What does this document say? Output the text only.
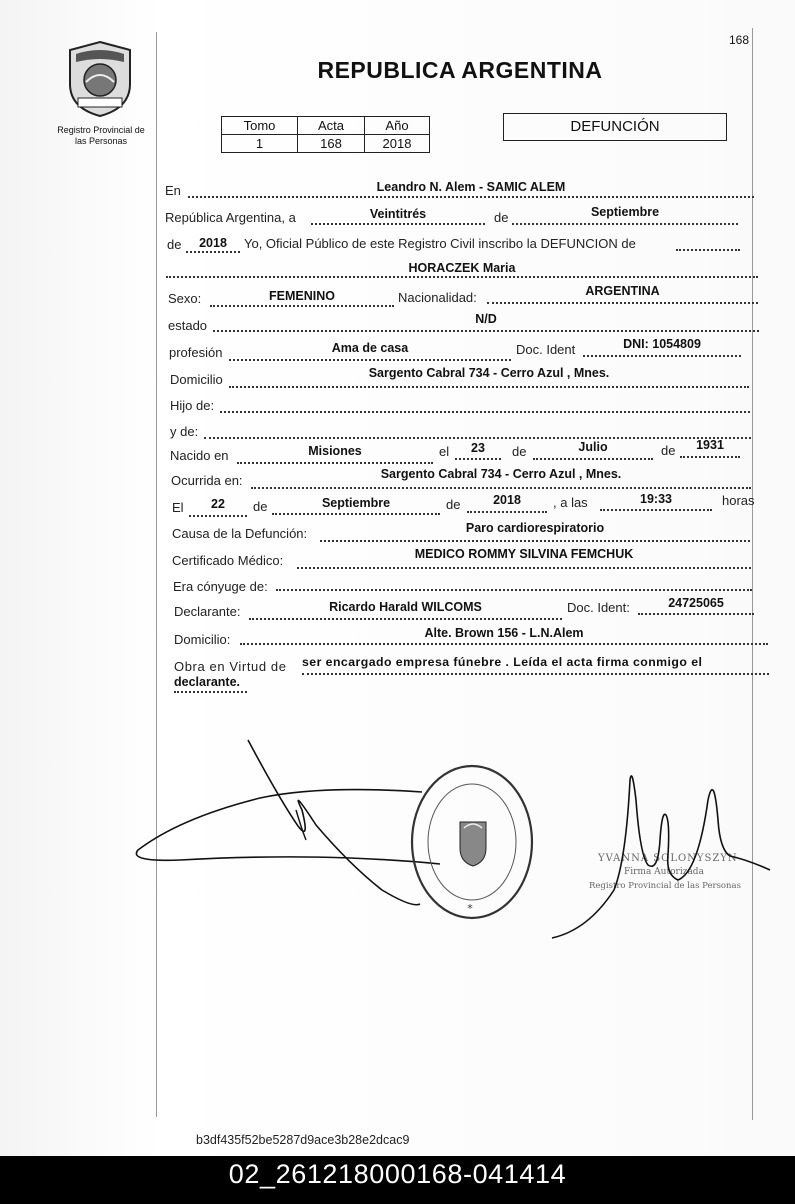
168
Registro Provincial de
las Personas
REPUBLICA ARGENTINA
Tomo	Acta	Año
1	168	2018
DEFUNCIÓN
En	Leandro N. Alem - SAMIC ALEM
República Argentina, a	Veintitrés	de	Septiembre
de	2018	Yo, Oficial Público de este Registro Civil inscribo la DEFUNCION de
HORACZEK Maria
Sexo:	FEMENINO	Nacionalidad:	ARGENTINA
estado	N/D
profesión	Ama de casa	Doc. Ident	DNI: 1054809
Domicilio	Sargento Cabral 734 - Cerro Azul , Mnes.
Hijo de:
y de:
Nacido en	Misiones	el	23	de	Julio	de	1931
Ocurrida en:	Sargento Cabral 734 - Cerro Azul , Mnes.
El	22	de	Septiembre	de	2018	, a las	19:33	horas
Causa de la Defunción:	Paro cardiorespiratorio
Certificado Médico:	MEDICO ROMMY SILVINA FEMCHUK
Era cónyuge de:
Declarante:	Ricardo Harald WILCOMS	Doc. Ident:	24725065
Domicilio:	Alte. Brown 156 - L.N.Alem
Obra en Virtud de ser encargado empresa fúnebre . Leída el acta firma conmigo el
declarante.
*
YVANNA SOLONYSZYN
Firma Autorizada
Registro Provincial de las Personas
b3df435f52be5287d9ace3b28e2dcac9
02_261218000168-041414
